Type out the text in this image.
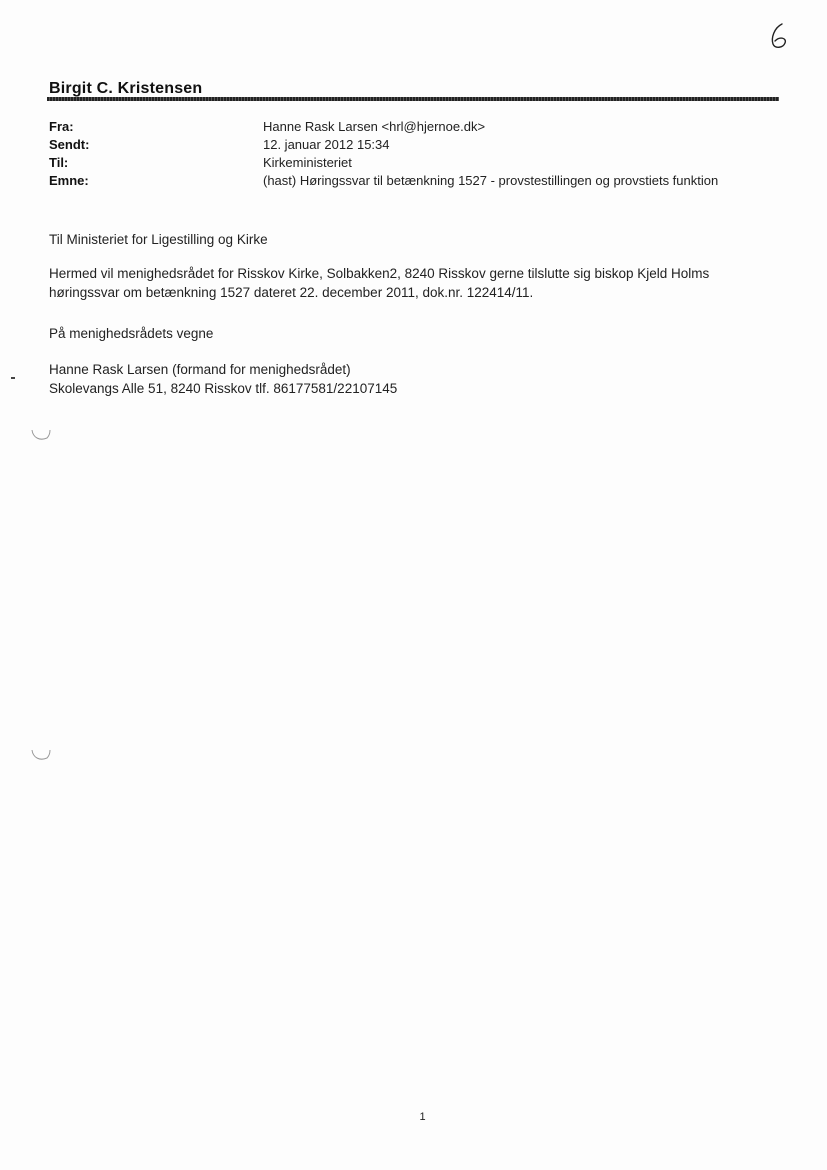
Birgit C. Kristensen
Fra:	Hanne Rask Larsen <hrl@hjernoe.dk>
Sendt:	12. januar 2012 15:34
Til:	Kirkeministeriet
Emne:	(hast) Høringssvar til betænkning 1527 - provstestillingen og provstiets funktion
Til Ministeriet for Ligestilling og Kirke
Hermed vil menighedsrådet for Risskov Kirke, Solbakken2, 8240 Risskov gerne tilslutte sig biskop Kjeld Holms
høringssvar om betænkning 1527 dateret 22. december 2011, dok.nr. 122414/11.
På menighedsrådets vegne
Hanne Rask Larsen (formand for menighedsrådet)
Skolevangs Alle 51, 8240 Risskov tlf. 86177581/22107145
1
